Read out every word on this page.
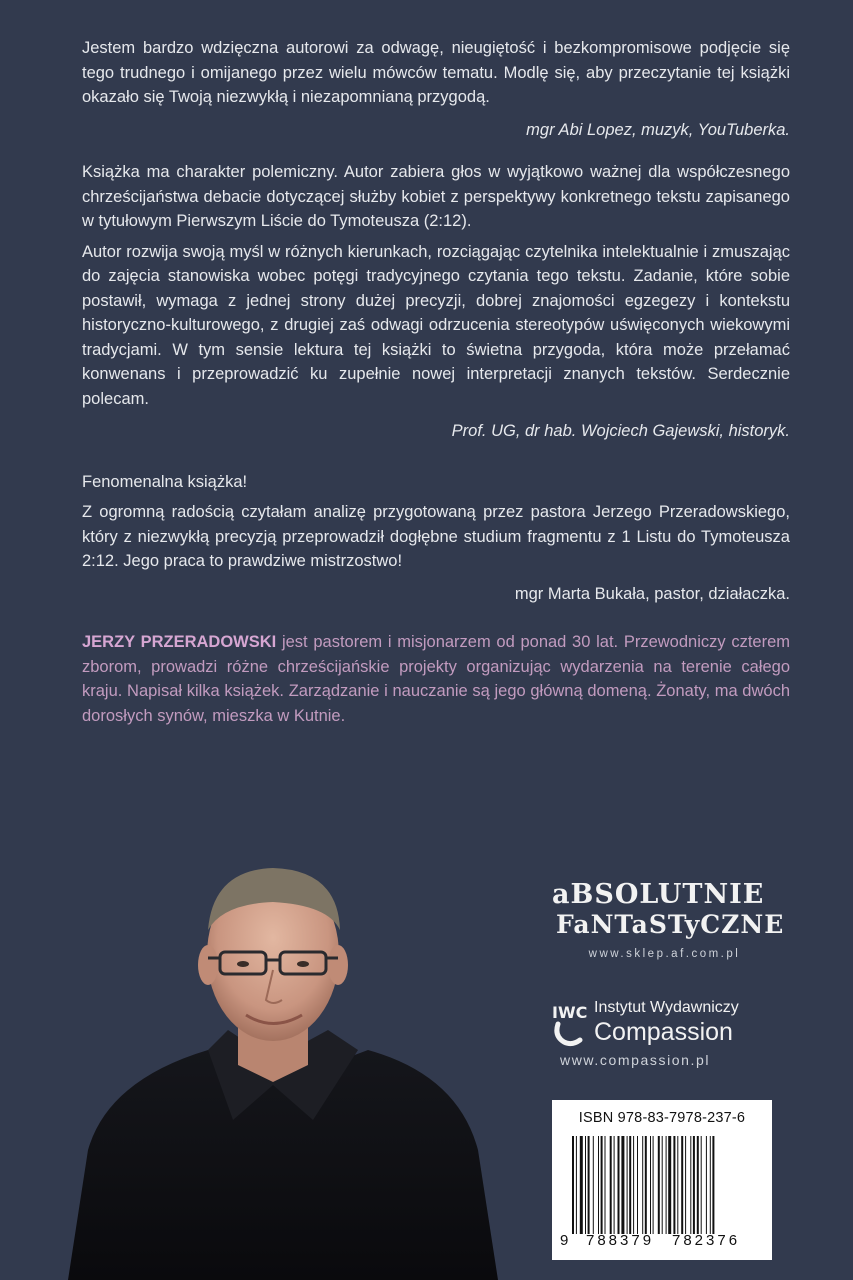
Jestem bardzo wdzięczna autorowi za odwagę, nieugiętość i bezkompromisowe podjęcie się tego trudnego i omijanego przez wielu mówców tematu. Modlę się, aby przeczytanie tej książki okazało się Twoją niezwykłą i niezapomnianą przygodą.

mgr Abi Lopez, muzyk, YouTuberka.

Książka ma charakter polemiczny. Autor zabiera głos w wyjątkowo ważnej dla współczesnego chrześcijaństwa debacie dotyczącej służby kobiet z perspektywy konkretnego tekstu zapisanego w tytułowym Pierwszym Liście do Tymoteusza (2:12).

Autor rozwija swoją myśl w różnych kierunkach, rozciągając czytelnika intelektualnie i zmuszając do zajęcia stanowiska wobec potęgi tradycyjnego czytania tego tekstu. Zadanie, które sobie postawił, wymaga z jednej strony dużej precyzji, dobrej znajomości egzegezy i kontekstu historyczno-kulturowego, z drugiej zaś odwagi odrzucenia stereotypów uświęconych wiekowymi tradycjami. W tym sensie lektura tej książki to świetna przygoda, która może przełamać konwenans i przeprowadzić ku zupełnie nowej interpretacji znanych tekstów. Serdecznie polecam.

Prof. UG, dr hab. Wojciech Gajewski, historyk.

Fenomenalna książka!

Z ogromną radością czytałam analizę przygotowaną przez pastora Jerzego Przeradowskiego, który z niezwykłą precyzją przeprowadził dogłębne studium fragmentu z 1 Listu do Tymoteusza 2:12. Jego praca to prawdziwe mistrzostwo!

mgr Marta Bukała, pastor, działaczka.

JERZY PRZERADOWSKI jest pastorem i misjonarzem od ponad 30 lat. Przewodniczy czterem zborom, prowadzi różne chrześcijańskie projekty organizując wydarzenia na terenie całego kraju. Napisał kilka książek. Zarządzanie i nauczanie są jego główną domeną. Żonaty, ma dwóch dorosłych synów, mieszka w Kutnie.

aBSOLUTNIE
FaNTaSTyCZNE
www.sklep.af.com.pl
IWC Instytut Wydawniczy
Compassion
www.compassion.pl
ISBN 978-83-7978-237-6
9 788379 782376
